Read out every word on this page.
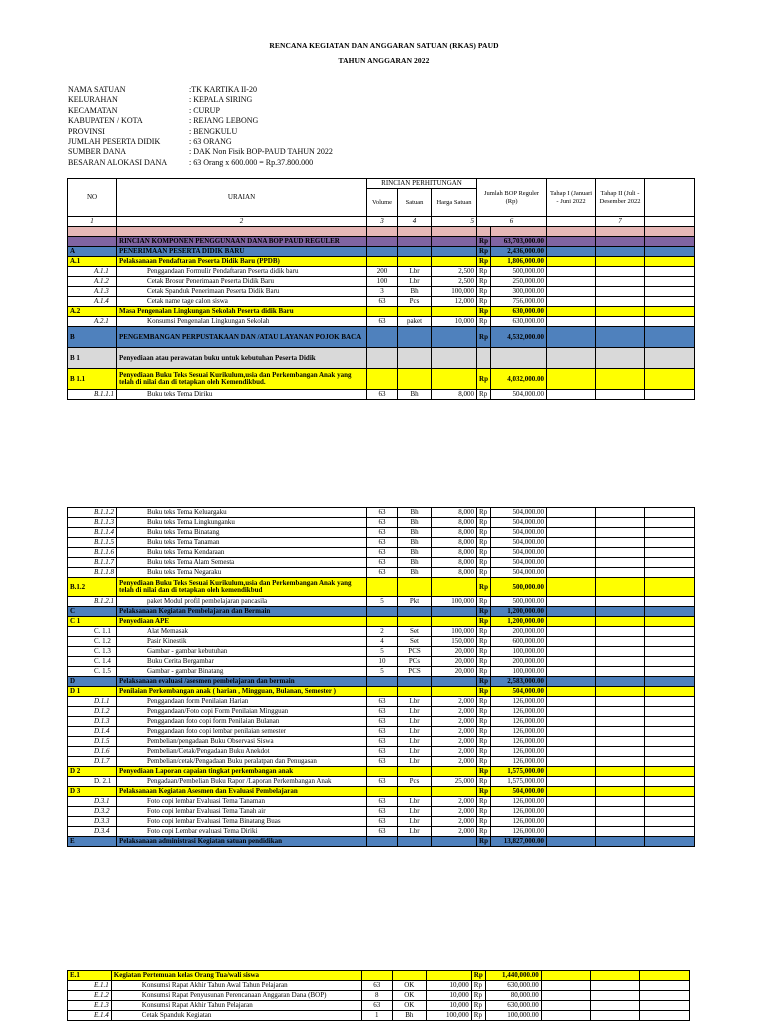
RENCANA KEGIATAN DAN ANGGARAN SATUAN (RKAS) PAUD
TAHUN ANGGARAN 2022
NAMA SATUAN	:TK KARTIKA II-20
KELURAHAN	: KEPALA SIRING
KECAMATAN	: CURUP
KABUPATEN / KOTA	: REJANG LEBONG
PROVINSI	: BENGKULU
JUMLAH PESERTA DIDIK	: 63 ORANG
SUMBER DANA	: DAK Non Fisik BOP-PAUD TAHUN 2022
BESARAN ALOKASI DANA	: 63 Orang x 600.000 = Rp.37.800.000
NO	URAIAN	RINCIAN PERHITUNGAN			Jumlah BOP Reguler (Rp)		Tahap I (Januari - Juni 2022	Tahap II (Juli - Desember 2022	
		Volume	Satuan	Harga Satuan					
1	2	3	4	5	6			7	

	RINCIAN KOMPONEN PENGGUNAAN DANA BOP PAUD REGULER				Rp	63,703,000.00			
A	PENERIMAAN PESERTA DIDIK BARU				Rp	2,436,000.00			
A.1	Pelaksanaan Pendaftaran Peserta Didik Baru (PPDB)				Rp	1,806,000.00			
A.1.1	Penggandaan Formulir Pendaftaran Peserta didik baru	200	Lbr	2,500	Rp	500,000.00			
A.1.2	Cetak Brosur Penerimaan Peserta Didik Baru	100	Lbr	2,500	Rp	250,000.00			
A.1.3	Cetak Spanduk Penerimaan Peserta Didik Baru	3	Bh	100,000	Rp	300,000.00			
A.1.4	Cetak name tage calon siswa	63	Pcs	12,000	Rp	756,000.00			
A.2	Masa Pengenalan Lingkungan Sekolah Peserta didik Baru				Rp	630,000.00			
A.2.1	Konsumsi Pengenalan Lingkungan Sekolah	63	paket	10,000	Rp	630,000.00			
B	PENGEMBANGAN PERPUSTAKAAN DAN /ATAU LAYANAN POJOK BACA				Rp	4,532,000.00			
B 1	Penyediaan atau perawatan buku untuk kebutuhan Peserta Didik								
B 1.1	Penyediaan Buku Teks Sesuai Kurikulum,usia dan Perkembangan Anak yang telah di nilai dan di tetapkan oleh Kemendikbud.				Rp	4,032,000.00			
B.1.1.1	Buku teks Tema Diriku	63	Bh	8,000	Rp	504,000.00			
B.1.1.2	Buku teks Tema Keluargaku	63	Bh	8,000	Rp	504,000.00			
B.1.1.3	Buku teks Tema Lingkunganku	63	Bh	8,000	Rp	504,000.00			
B.1.1.4	Buku teks Tema Binatang	63	Bh	8,000	Rp	504,000.00			
B.1.1.5	Buku teks Tema Tanaman	63	Bh	8,000	Rp	504,000.00			
B.1.1.6	Buku teks Tema Kendaraan	63	Bh	8,000	Rp	504,000.00			
B.1.1.7	Buku teks Tema Alam Semesta	63	Bh	8,000	Rp	504,000.00			
B.1.1.8	Buku teks Tema Negaraku	63	Bh	8,000	Rp	504,000.00			
B.1.2	Penyediaan Buku Teks Sesuai Kurikulum,usia dan Perkembangan Anak yang telah di nilai dan di tetapkan oleh kemendikbud				Rp	500,000.00			
B.1.2.1	paket Modul profil pembelajaran pancasila	5	Pkt	100,000	Rp	500,000.00			
C	Pelaksanaan Kegiatan Pembelajaran dan Bermain				Rp	1,200,000.00			
C 1	Penyediaan APE				Rp	1,200,000.00			
C. 1.1	Alat Memasak	2	Set	100,000	Rp	200,000.00			
C. 1.2	Pasir Kinestik	4	Set	150,000	Rp	600,000.00			
C. 1.3	Gambar - gambar kebutuhan	5	PCS	20,000	Rp	100,000.00			
C. 1.4	Buku Cerita Bergambar	10	PCs	20,000	Rp	200,000.00			
C. 1.5	Gambar - gambar Binatang	5	PCS	20,000	Rp	100,000.00			
D	Pelaksanaan evaluasi /asesmen pembelajaran dan bermain				Rp	2,583,000.00			
D 1	Penilaian Perkembangan anak ( harian , Mingguan, Bulanan, Semester )				Rp	504,000.00			
D.1.1	Penggandaan form Penilaian Harian	63	Lbr	2,000	Rp	126,000.00			
D.1.2	Penggandaan/Foto copi Form Penilaian Mingguan	63	Lbr	2,000	Rp	126,000.00			
D.1.3	Penggandaan foto copi form Penilaian Bulanan	63	Lbr	2,000	Rp	126,000.00			
D.1.4	Penggandaan foto copi lembar penilaian semester	63	Lbr	2,000	Rp	126,000.00			
D.1.5	Pembelian/pengadaan Buku Observasi Siswa	63	Lbr	2,000	Rp	126,000.00			
D.1.6	Pembelian/Cetak/Pengadaan Buku Anekdot	63	Lbr	2,000	Rp	126,000.00			
D.1.7	Pembelian/cetak/Pengadaan Buku peralatpan dan Penugasan	63	Lbr	2,000	Rp	126,000.00			
D 2	Penyediaan Laporan capaian tingkat perkembangan anak				Rp	1,575,000.00			
D. 2.1	Pengadaan/Pembelian Buku Rapor /Laporan Perkembangan Anak	63	Pcs	25,000	Rp	1,575,000.00			
D 3	Pelaksanaan Kegiatan Asesmen dan Evaluasi Pembelajaran				Rp	504,000.00			
D.3.1	Foto copi lembar Evaluasi Tema Tanaman	63	Lbr	2,000	Rp	126,000.00			
D.3.2	Foto copi lembar Evaluasi Tema Tanah air	63	Lbr	2,000	Rp	126,000.00			
D.3.3	Foto copi lembar Evaluasi Tema Binatang Buas	63	Lbr	2,000	Rp	126,000.00			
D.3.4	Foto copi Lembar evaluasi Tema Diriki	63	Lbr	2,000	Rp	126,000.00			
E	Pelaksanaan administrasi Kegiatan satuan pendidikan				Rp	13,827,000.00			
E.1	Kegiatan Pertemuan kelas Orang Tua/wali siswa				Rp	1,440,000.00			
E.1.1	Konsumsi Rapat Akhir Tahun Awal Tahun Pelajaran	63	OK	10,000	Rp	630,000.00			
E.1.2	Konsumsi Rapat Penyusunan Perencanaan Anggaran Dana (BOP)	8	OK	10,000	Rp	80,000.00			
E.1.3	Konsumsi Rapat Akhir Tahun Pelajaran	63	OK	10,000	Rp	630,000.00			
E.1.4	Cetak Spanduk Kegiatan	1	Bh	100,000	Rp	100,000.00			
